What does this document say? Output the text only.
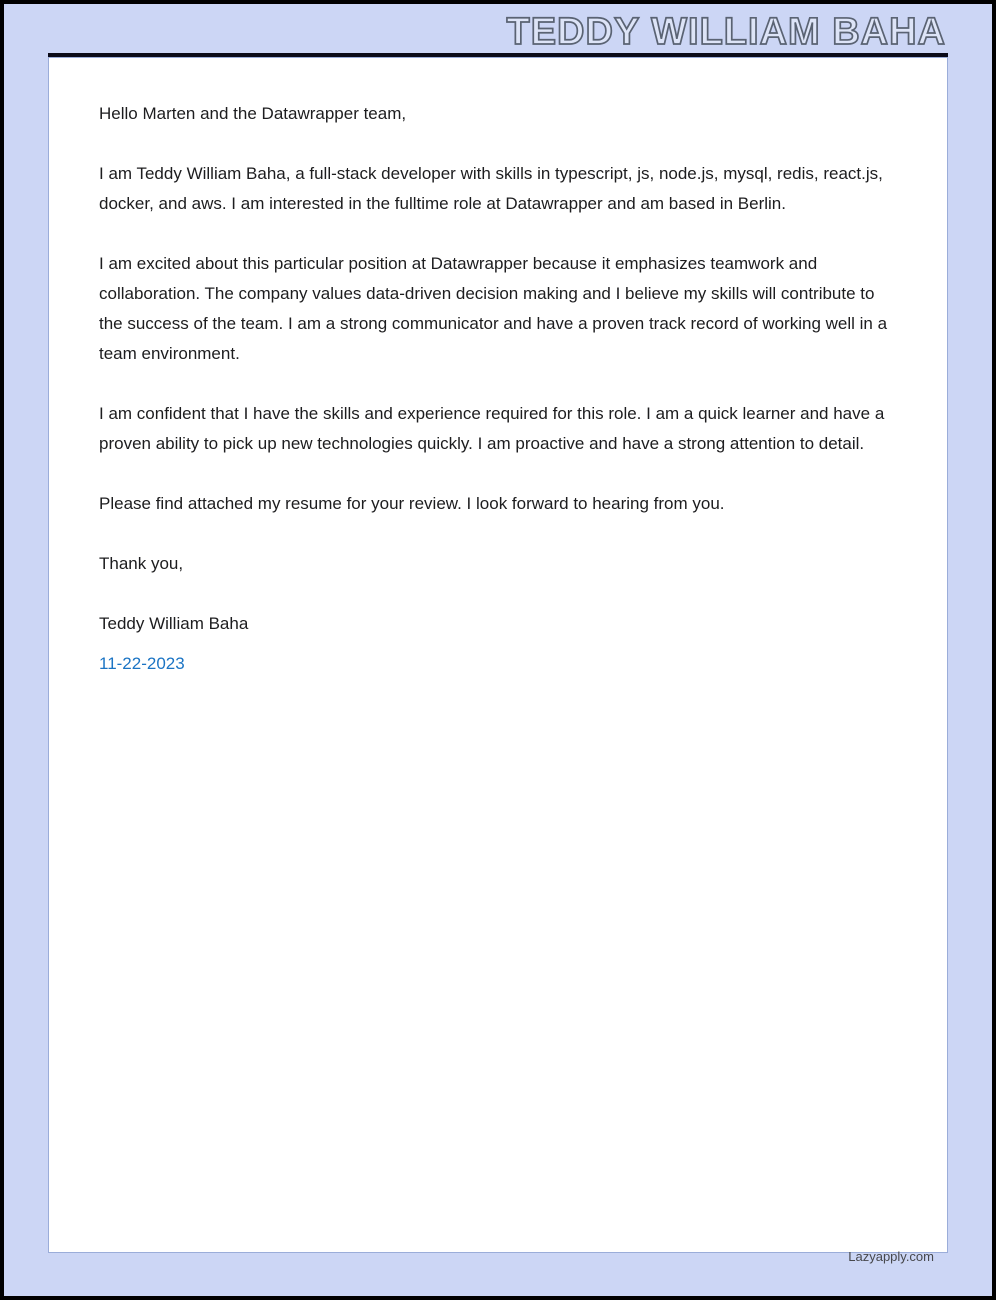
TEDDY WILLIAM BAHA

Hello Marten and the Datawrapper team,

I am Teddy William Baha, a full-stack developer with skills in typescript, js, node.js, mysql, redis, react.js, docker, and aws. I am interested in the fulltime role at Datawrapper and am based in Berlin.

I am excited about this particular position at Datawrapper because it emphasizes teamwork and collaboration. The company values data-driven decision making and I believe my skills will contribute to the success of the team. I am a strong communicator and have a proven track record of working well in a team environment.

I am confident that I have the skills and experience required for this role. I am a quick learner and have a proven ability to pick up new technologies quickly. I am proactive and have a strong attention to detail.

Please find attached my resume for your review. I look forward to hearing from you.

Thank you,

Teddy William Baha

11-22-2023

Lazyapply.com
